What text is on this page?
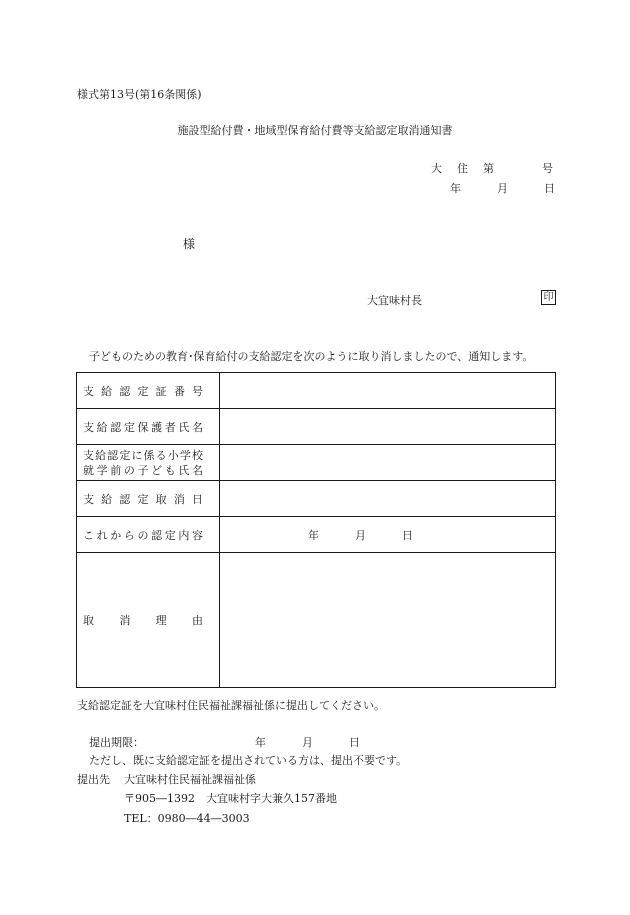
様式第13号(第16条関係)
施設型給付費・地域型保育給付費等支給認定取消通知書
大　住　第	号
年	月	日
様
大宜味村長	印
子どものための教育･保育給付の支給認定を次のように取り消しましたので、通知します。
支給認定証番号	

支給認定保護者氏名	

支給認定に係る小学校
就学前の子ども氏名	

支給認定取消日	

これからの認定内容	年 月 日

取消理由	

支給認定証を大宜味村住民福祉課福祉係に提出してください。
提出期限：	年	月	日
ただし、既に支給認定証を提出されている方は、提出不要です。
提出先 大宜味村住民福祉課福祉係
〒905―1392　大宜味村字大兼久157番地
TEL：0980―44―3003
